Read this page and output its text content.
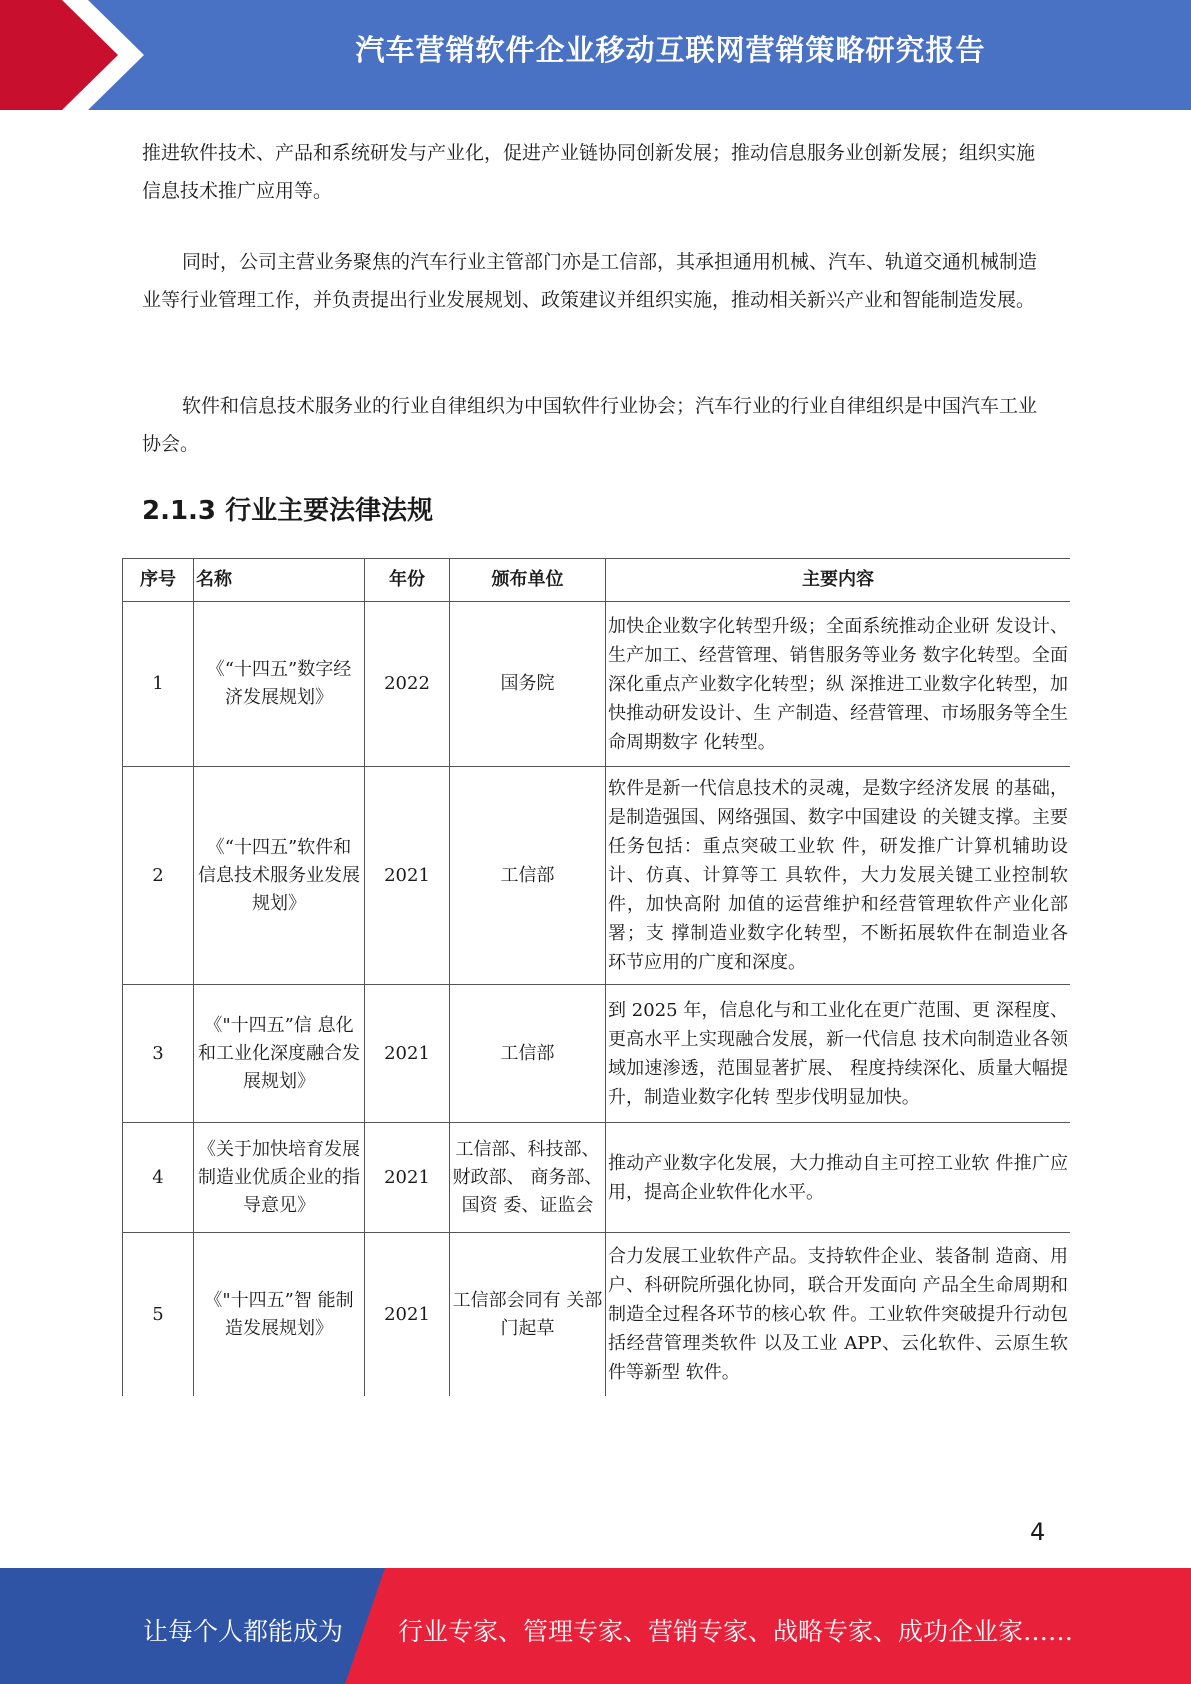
汽车营销软件企业移动互联网营销策略研究报告

推进软件技术、产品和系统研发与产业化，促进产业链协同创新发展；推动信息服务业创新发展；组织实施信息技术推广应用等。

同时，公司主营业务聚焦的汽车行业主管部门亦是工信部，其承担通用机械、汽车、轨道交通机械制造业等行业管理工作，并负责提出行业发展规划、政策建议并组织实施，推动相关新兴产业和智能制造发展。

软件和信息技术服务业的行业自律组织为中国软件行业协会；汽车行业的行业自律组织是中国汽车工业协会。

2.1.3 行业主要法律法规
序号	名称	年份	颁布单位	主要内容
1	《“十四五”数字经济发展规划》	2022	国务院	加快企业数字化转型升级；全面系统推动企业研 发设计、生产加工、经营管理、销售服务等业务 数字化转型。全面深化重点产业数字化转型；纵 深推进工业数字化转型，加快推动研发设计、生 产制造、经营管理、市场服务等全生命周期数字 化转型。
2	《“十四五”软件和信息技术服务业发展规划》	2021	工信部	软件是新一代信息技术的灵魂，是数字经济发展 的基础，是制造强国、网络强国、数字中国建设 的关键支撑。主要任务包括：重点突破工业软 件，研发推广计算机辅助设计、仿真、计算等工 具软件，大力发展关键工业控制软件，加快高附 加值的运营维护和经营管理软件产业化部署；支 撑制造业数字化转型，不断拓展软件在制造业各 环节应用的广度和深度。
3	《"十四五”信 息化和工业化深度融合发展规划》	2021	工信部	到 2025 年，信息化与和工业化在更广范围、更 深程度、更高水平上实现融合发展，新一代信息 技术向制造业各领域加速渗透，范围显著扩展、 程度持续深化、质量大幅提升，制造业数字化转 型步伐明显加快。
4	《关于加快培育发展制造业优质企业的指导意见》	2021	工信部、科技部、财政部、 商务部、国资 委、证监会	推动产业数字化发展，大力推动自主可控工业软 件推广应用，提高企业软件化水平。
5	《"十四五”智 能制造发展规划》	2021	工信部会同有 关部门起草	合力发展工业软件产品。支持软件企业、装备制 造商、用户、科研院所强化协同，联合开发面向 产品全生命周期和制造全过程各环节的核心软 件。工业软件突破提升行动包括经营管理类软件 以及工业 APP、云化软件、云原生软件等新型 软件。
4
让每个人都能成为 行业专家、管理专家、营销专家、战略专家、成功企业家……
